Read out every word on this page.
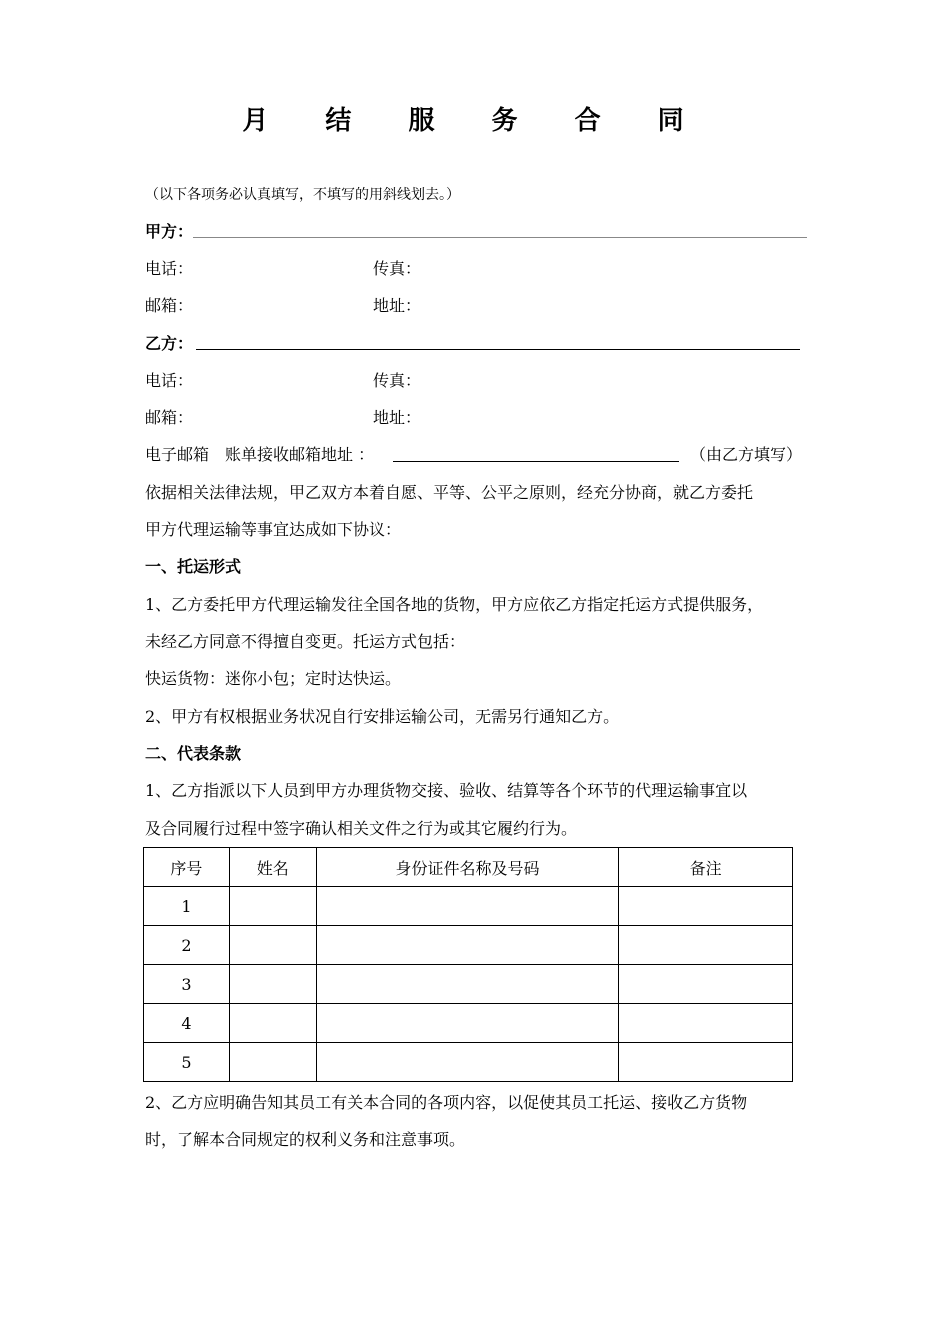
月 结 服 务 合 同
（以下各项务必认真填写，不填写的用斜线划去。）
甲方：
电话：	传真：
邮箱：	地址：
乙方：
电话：	传真：
邮箱：	地址：
电子邮箱　账单接收邮箱地址 ：	（由乙方填写）
依据相关法律法规，甲乙双方本着自愿、平等、公平之原则，经充分协商，就乙方委托
甲方代理运输等事宜达成如下协议：
一、托运形式
1、乙方委托甲方代理运输发往全国各地的货物，甲方应依乙方指定托运方式提供服务，
未经乙方同意不得擅自变更。托运方式包括：
快运货物：迷你小包；定时达快运。
2、甲方有权根据业务状况自行安排运输公司，无需另行通知乙方。
二、代表条款
1、乙方指派以下人员到甲方办理货物交接、验收、结算等各个环节的代理运输事宜以
及合同履行过程中签字确认相关文件之行为或其它履约行为。
序号	姓名	身份证件名称及号码	备注
1			
2			
3			
4			
5			
2、乙方应明确告知其员工有关本合同的各项内容，以促使其员工托运、接收乙方货物
时，了解本合同规定的权利义务和注意事项。
